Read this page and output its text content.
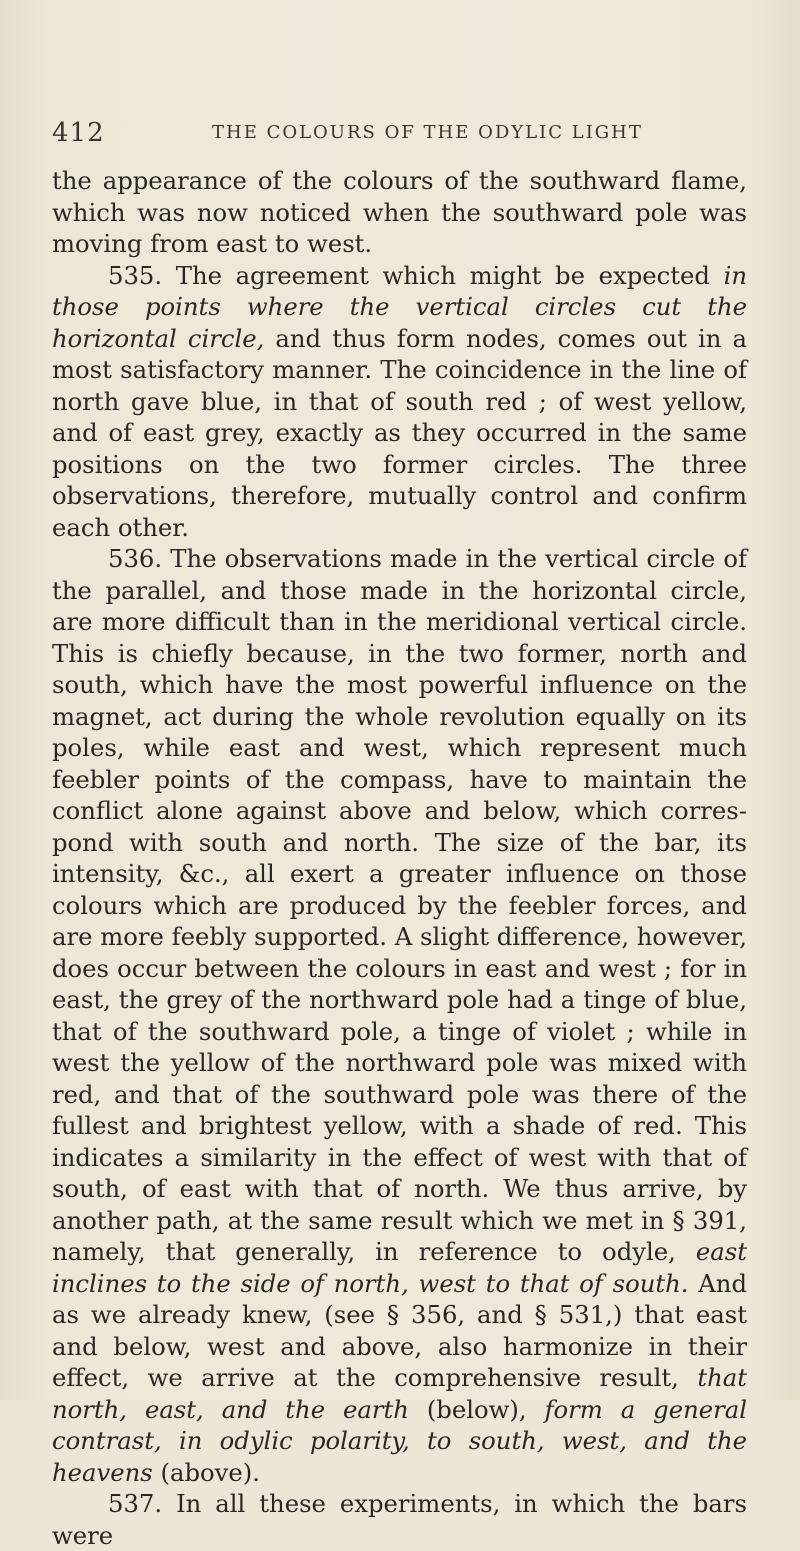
412	THE COLOURS OF THE ODYLIC LIGHT

the appearance of the colours of the southward flame, which was now noticed when the southward pole was moving from east to west.

535. The agreement which might be expected in those points where the vertical circles cut the horizontal circle, and thus form nodes, comes out in a most satisfactory manner. The coincidence in the line of north gave blue, in that of south red ; of west yellow, and of east grey, exactly as they occurred in the same positions on the two former circles. The three observations, therefore, mutually control and confirm each other.

536. The observations made in the vertical circle of the parallel, and those made in the horizontal circle, are more difficult than in the meridional vertical circle. This is chiefly because, in the two former, north and south, which have the most powerful influence on the magnet, act during the whole revolution equally on its poles, while east and west, which represent much feebler points of the compass, have to maintain the conflict alone against above and below, which correspond with south and north. The size of the bar, its intensity, &c., all exert a greater influence on those colours which are produced by the feebler forces, and are more feebly supported. A slight difference, however, does occur between the colours in east and west ; for in east, the grey of the northward pole had a tinge of blue, that of the southward pole, a tinge of violet ; while in west the yellow of the northward pole was mixed with red, and that of the southward pole was there of the fullest and brightest yellow, with a shade of red. This indicates a similarity in the effect of west with that of south, of east with that of north. We thus arrive, by another path, at the same result which we met in § 391, namely, that generally, in reference to odyle, east inclines to the side of north, west to that of south. And as we already knew, (see § 356, and § 531,) that east and below, west and above, also harmonize in their effect, we arrive at the comprehensive result, that north, east, and the earth (below), form a general contrast, in odylic polarity, to south, west, and the heavens (above).

537. In all these experiments, in which the bars were
